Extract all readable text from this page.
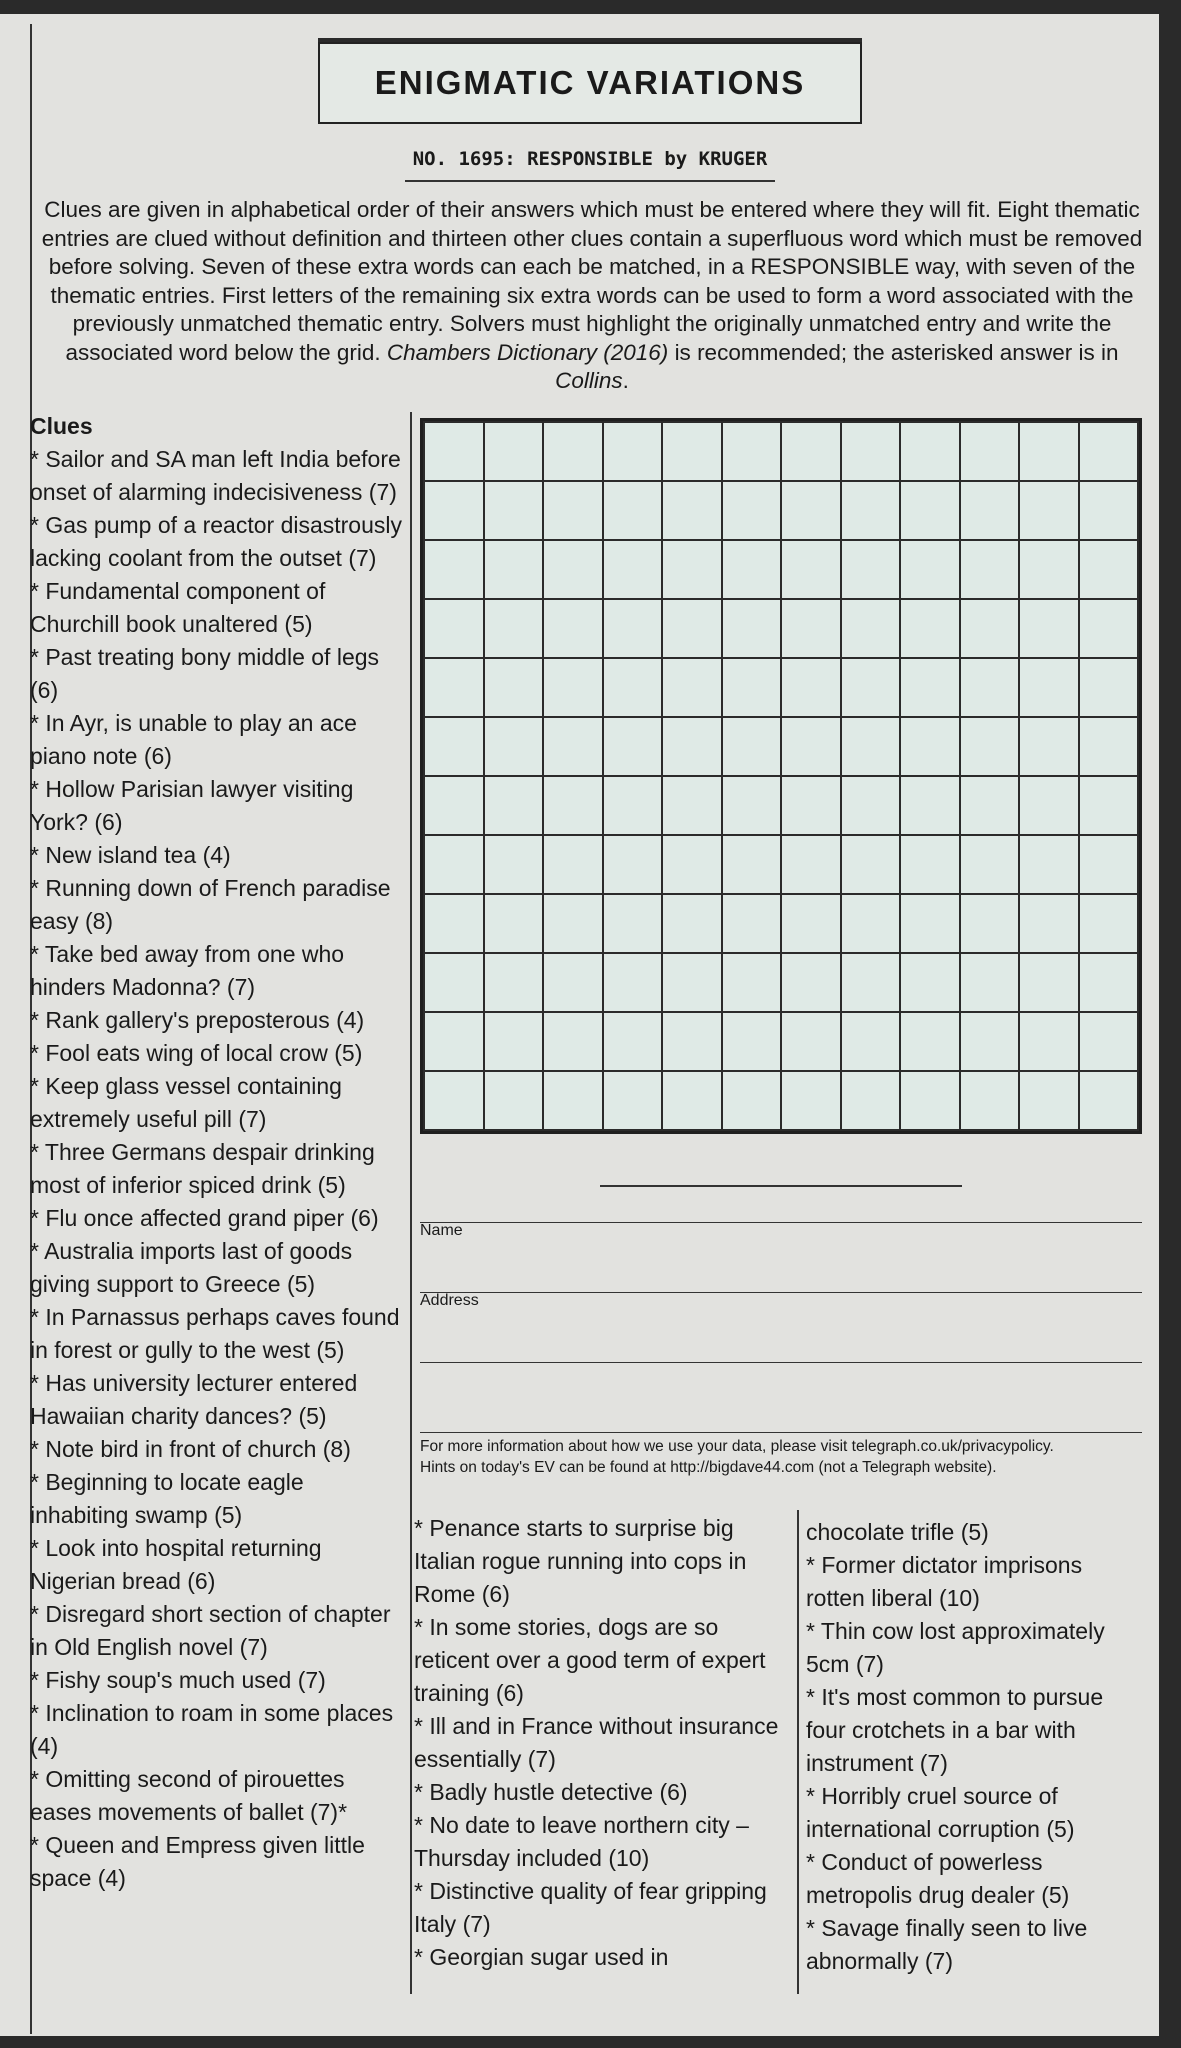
ENIGMATIC VARIATIONS
NO. 1695: RESPONSIBLE by KRUGER
Clues are given in alphabetical order of their answers which must be entered where they will fit. Eight thematic entries are clued without definition and thirteen other clues contain a superfluous word which must be removed before solving. Seven of these extra words can each be matched, in a RESPONSIBLE way, with seven of the thematic entries. First letters of the remaining six extra words can be used to form a word associated with the previously unmatched thematic entry. Solvers must highlight the originally unmatched entry and write the associated word below the grid. Chambers Dictionary (2016) is recommended; the asterisked answer is in Collins.
Clues

* Sailor and SA man left India before onset of alarming indecisiveness (7)

* Gas pump of a reactor disastrously lacking coolant from the outset (7)

* Fundamental component of Churchill book unaltered (5)

* Past treating bony middle of legs (6)

* In Ayr, is unable to play an ace piano note (6)

* Hollow Parisian lawyer visiting York? (6)

* New island tea (4)

* Running down of French paradise easy (8)

* Take bed away from one who hinders Madonna? (7)

* Rank gallery's preposterous (4)

* Fool eats wing of local crow (5)

* Keep glass vessel containing extremely useful pill (7)

* Three Germans despair drinking most of inferior spiced drink (5)

* Flu once affected grand piper (6)

* Australia imports last of goods giving support to Greece (5)

* In Parnassus perhaps caves found in forest or gully to the west (5)

* Has university lecturer entered Hawaiian charity dances? (5)

* Note bird in front of church (8)

* Beginning to locate eagle inhabiting swamp (5)

* Look into hospital returning Nigerian bread (6)

* Disregard short section of chapter in Old English novel (7)

* Fishy soup's much used (7)

* Inclination to roam in some places (4)

* Omitting second of pirouettes eases movements of ballet (7)*

* Queen and Empress given little space (4)

Name
Address
For more information about how we use your data, please visit telegraph.co.uk/privacypolicy.
Hints on today's EV can be found at http://bigdave44.com (not a Telegraph website).

* Penance starts to surprise big Italian rogue running into cops in Rome (6)

* In some stories, dogs are so reticent over a good term of expert training (6)

* Ill and in France without insurance essentially (7)

* Badly hustle detective (6)

* No date to leave northern city – Thursday included (10)

* Distinctive quality of fear gripping Italy (7)

* Georgian sugar used in

chocolate trifle (5)

* Former dictator imprisons rotten liberal (10)

* Thin cow lost approximately 5cm (7)

* It's most common to pursue four crotchets in a bar with instrument (7)

* Horribly cruel source of international corruption (5)

* Conduct of powerless metropolis drug dealer (5)

* Savage finally seen to live abnormally (7)
